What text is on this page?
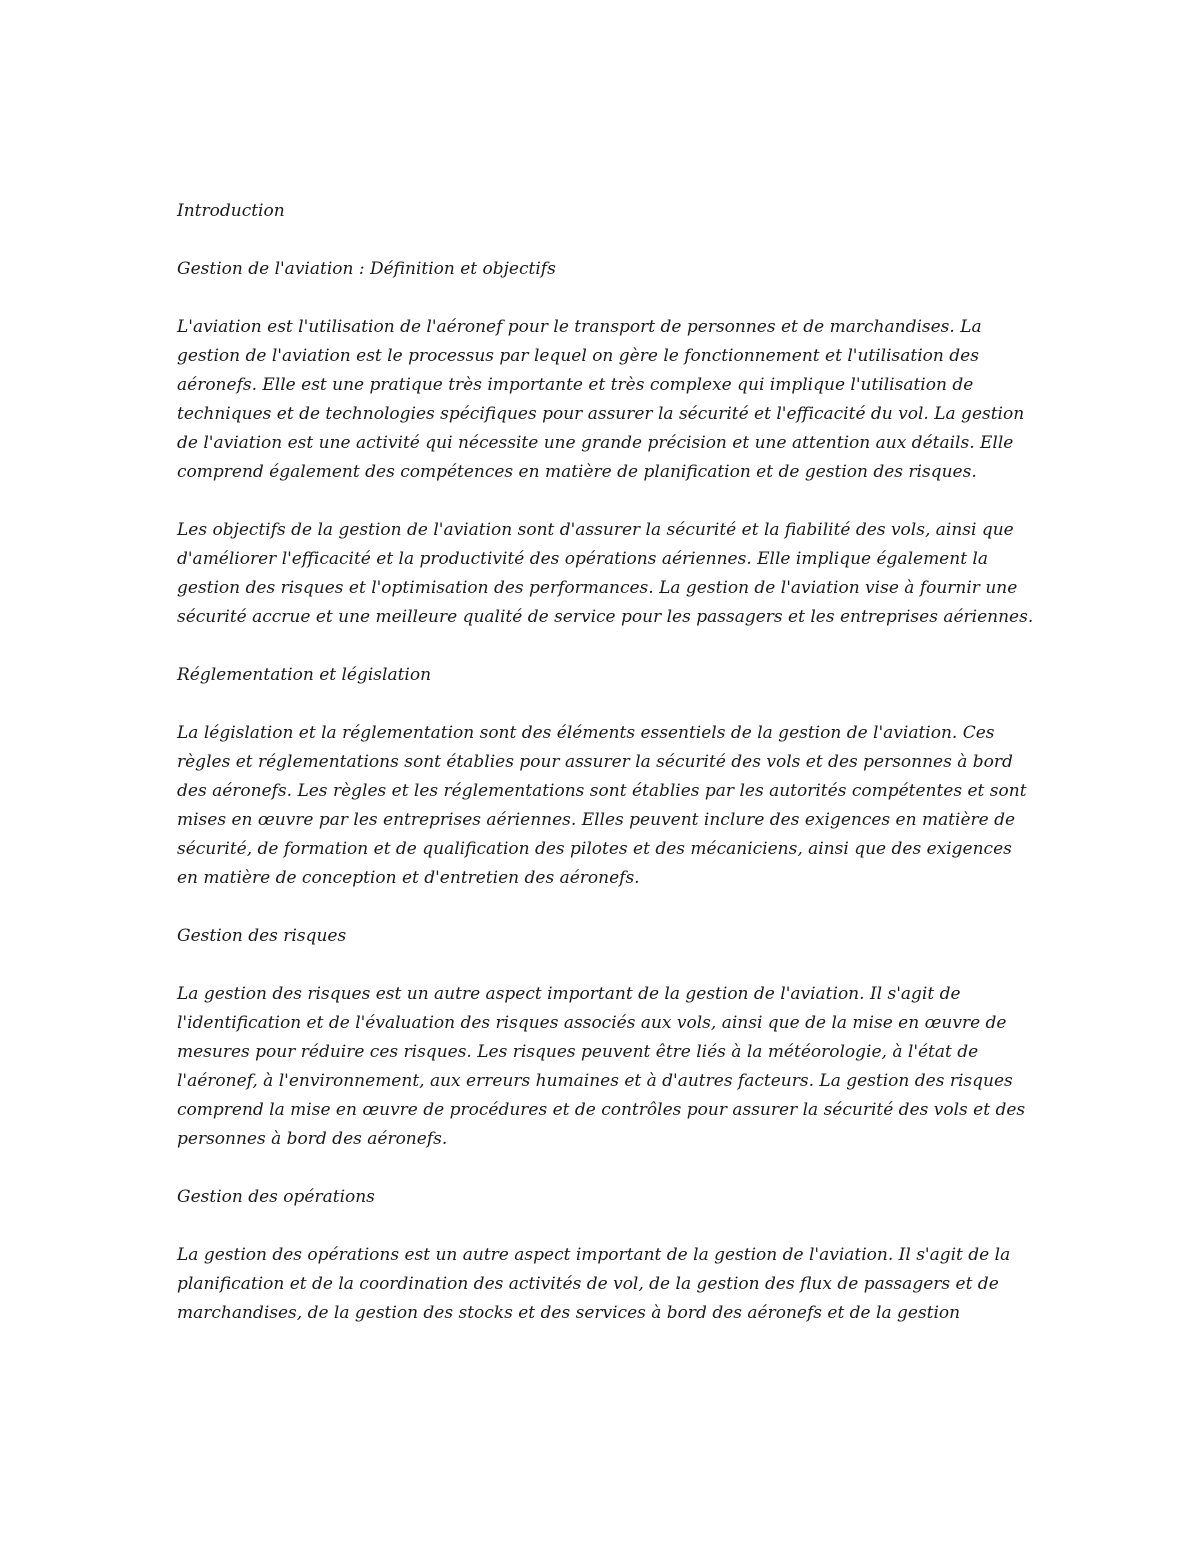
Introduction

Gestion de l'aviation : Définition et objectifs

L'aviation est l'utilisation de l'aéronef pour le transport de personnes et de marchandises. La gestion de l'aviation est le processus par lequel on gère le fonctionnement et l'utilisation des aéronefs. Elle est une pratique très importante et très complexe qui implique l'utilisation de techniques et de technologies spécifiques pour assurer la sécurité et l'efficacité du vol. La gestion de l'aviation est une activité qui nécessite une grande précision et une attention aux détails. Elle comprend également des compétences en matière de planification et de gestion des risques.

Les objectifs de la gestion de l'aviation sont d'assurer la sécurité et la fiabilité des vols, ainsi que d'améliorer l'efficacité et la productivité des opérations aériennes. Elle implique également la gestion des risques et l'optimisation des performances. La gestion de l'aviation vise à fournir une sécurité accrue et une meilleure qualité de service pour les passagers et les entreprises aériennes.

Réglementation et législation

La législation et la réglementation sont des éléments essentiels de la gestion de l'aviation. Ces règles et réglementations sont établies pour assurer la sécurité des vols et des personnes à bord des aéronefs. Les règles et les réglementations sont établies par les autorités compétentes et sont mises en œuvre par les entreprises aériennes. Elles peuvent inclure des exigences en matière de sécurité, de formation et de qualification des pilotes et des mécaniciens, ainsi que des exigences en matière de conception et d'entretien des aéronefs.

Gestion des risques

La gestion des risques est un autre aspect important de la gestion de l'aviation. Il s'agit de l'identification et de l'évaluation des risques associés aux vols, ainsi que de la mise en œuvre de mesures pour réduire ces risques. Les risques peuvent être liés à la météorologie, à l'état de l'aéronef, à l'environnement, aux erreurs humaines et à d'autres facteurs. La gestion des risques comprend la mise en œuvre de procédures et de contrôles pour assurer la sécurité des vols et des personnes à bord des aéronefs.

Gestion des opérations

La gestion des opérations est un autre aspect important de la gestion de l'aviation. Il s'agit de la planification et de la coordination des activités de vol, de la gestion des flux de passagers et de marchandises, de la gestion des stocks et des services à bord des aéronefs et de la gestion
